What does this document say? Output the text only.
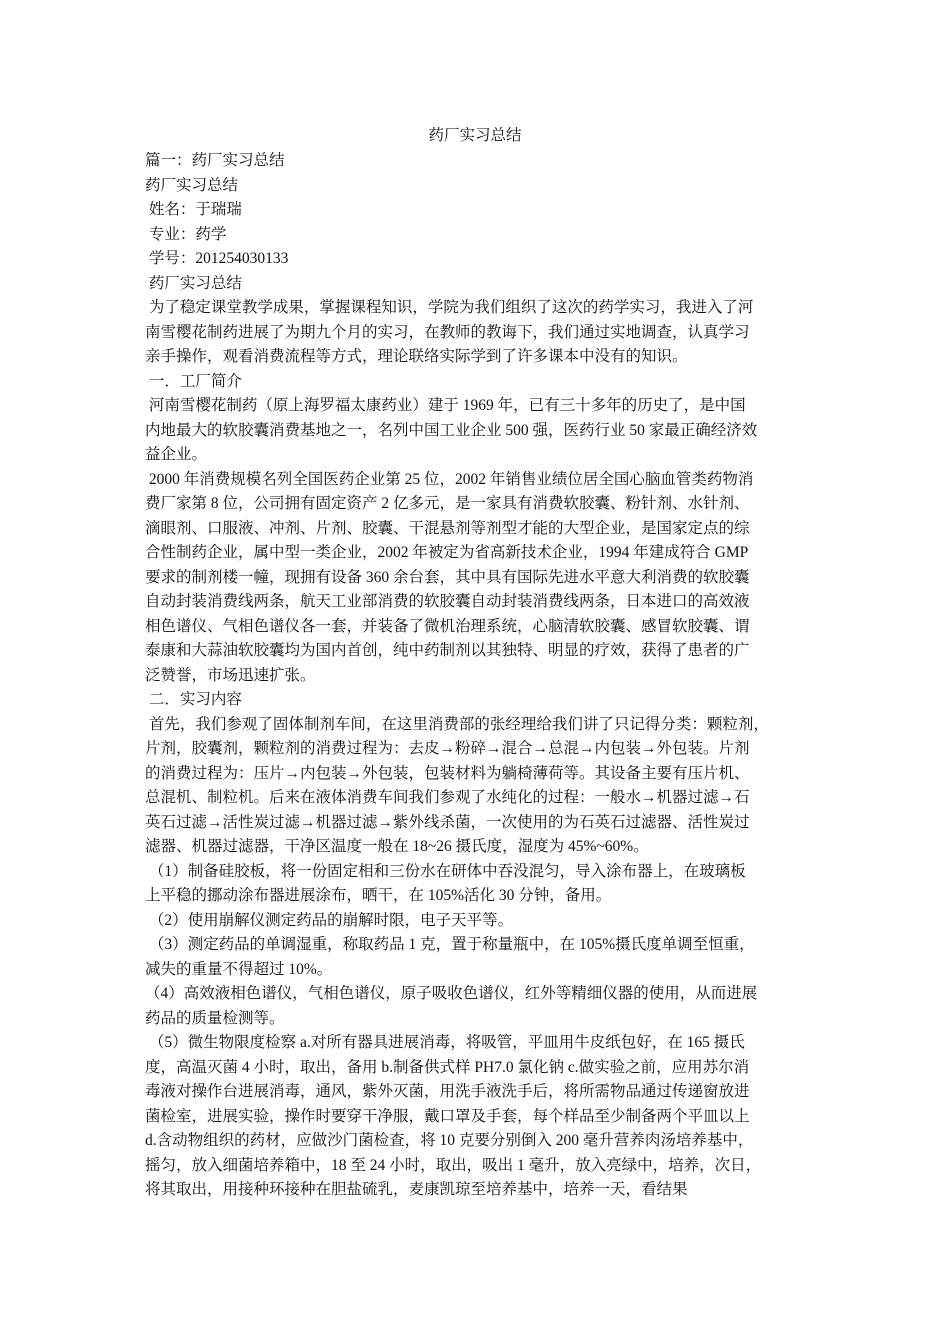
药厂实习总结
篇一：药厂实习总结
药厂实习总结
姓名：于瑞瑞
专业：药学
学号：201254030133
药厂实习总结
为了稳定课堂教学成果，掌握课程知识，学院为我们组织了这次的药学实习，我进入了河
南雪樱花制药进展了为期九个月的实习，在教师的教诲下，我们通过实地调查，认真学习
亲手操作，观看消费流程等方式，理论联络实际学到了许多课本中没有的知识。
一．工厂简介
河南雪樱花制药（原上海罗福太康药业）建于 1969 年，已有三十多年的历史了，是中国
内地最大的软胶囊消费基地之一，名列中国工业企业 500 强，医药行业 50 家最正确经济效
益企业。
2000 年消费规模名列全国医药企业第 25 位，2002 年销售业绩位居全国心脑血管类药物消
费厂家第 8 位，公司拥有固定资产 2 亿多元，是一家具有消费软胶囊、粉针剂、水针剂、
滴眼剂、口服液、冲剂、片剂、胶囊、干混悬剂等剂型才能的大型企业，是国家定点的综
合性制药企业，属中型一类企业，2002 年被定为省高新技术企业，1994 年建成符合 GMP
要求的制剂楼一幢，现拥有设备 360 余台套，其中具有国际先进水平意大利消费的软胶囊
自动封装消费线两条，航天工业部消费的软胶囊自动封装消费线两条，日本进口的高效液
相色谱仪、气相色谱仪各一套，并装备了微机治理系统，心脑清软胶囊、感冒软胶囊、谓
泰康和大蒜油软胶囊均为国内首创，纯中药制剂以其独特、明显的疗效，获得了患者的广
泛赞誉，市场迅速扩张。
二．实习内容
首先，我们参观了固体制剂车间，在这里消费部的张经理给我们讲了只记得分类：颗粒剂，
片剂，胶囊剂，颗粒剂的消费过程为：去皮→粉碎→混合→总混→内包装→外包装。片剂
的消费过程为：压片→内包装→外包装，包装材料为躺椅薄荷等。其设备主要有压片机、
总混机、制粒机。后来在液体消费车间我们参观了水纯化的过程：一般水→机器过滤→石
英石过滤→活性炭过滤→机器过滤→紫外线杀菌，一次使用的为石英石过滤器、活性炭过
滤器、机器过滤器，干净区温度一般在 18~26 摄氏度，湿度为 45%~60%。
（1）制备硅胶板，将一份固定相和三份水在研体中吞没混匀，导入涂布器上，在玻璃板
上平稳的挪动涂布器进展涂布，晒干，在 105%活化 30 分钟，备用。
（2）使用崩解仪测定药品的崩解时限，电子天平等。
（3）测定药品的单调湿重，称取药品 1 克，置于称量瓶中，在 105%摄氏度单调至恒重，
减失的重量不得超过 10%。
（4）高效液相色谱仪，气相色谱仪，原子吸收色谱仪，红外等精细仪器的使用，从而进展
药品的质量检测等。
（5）微生物限度检察 a.对所有器具进展消毒，将吸管，平皿用牛皮纸包好，在 165 摄氏
度，高温灭菌 4 小时，取出，备用 b.制备供式样 PH7.0 氯化钠 c.做实验之前，应用苏尔消
毒液对操作台进展消毒，通风，紫外灭菌，用洗手液洗手后，将所需物品通过传递窗放进
菌检室，进展实验，操作时要穿干净服，戴口罩及手套，每个样品至少制备两个平皿以上
d.含动物组织的药材，应做沙门菌检查，将 10 克要分别倒入 200 毫升营养肉汤培养基中，
摇匀，放入细菌培养箱中，18 至 24 小时，取出，吸出 1 毫升，放入亮绿中，培养，次日，
将其取出，用接种环接种在胆盐硫乳，麦康凯琼至培养基中，培养一天，看结果
